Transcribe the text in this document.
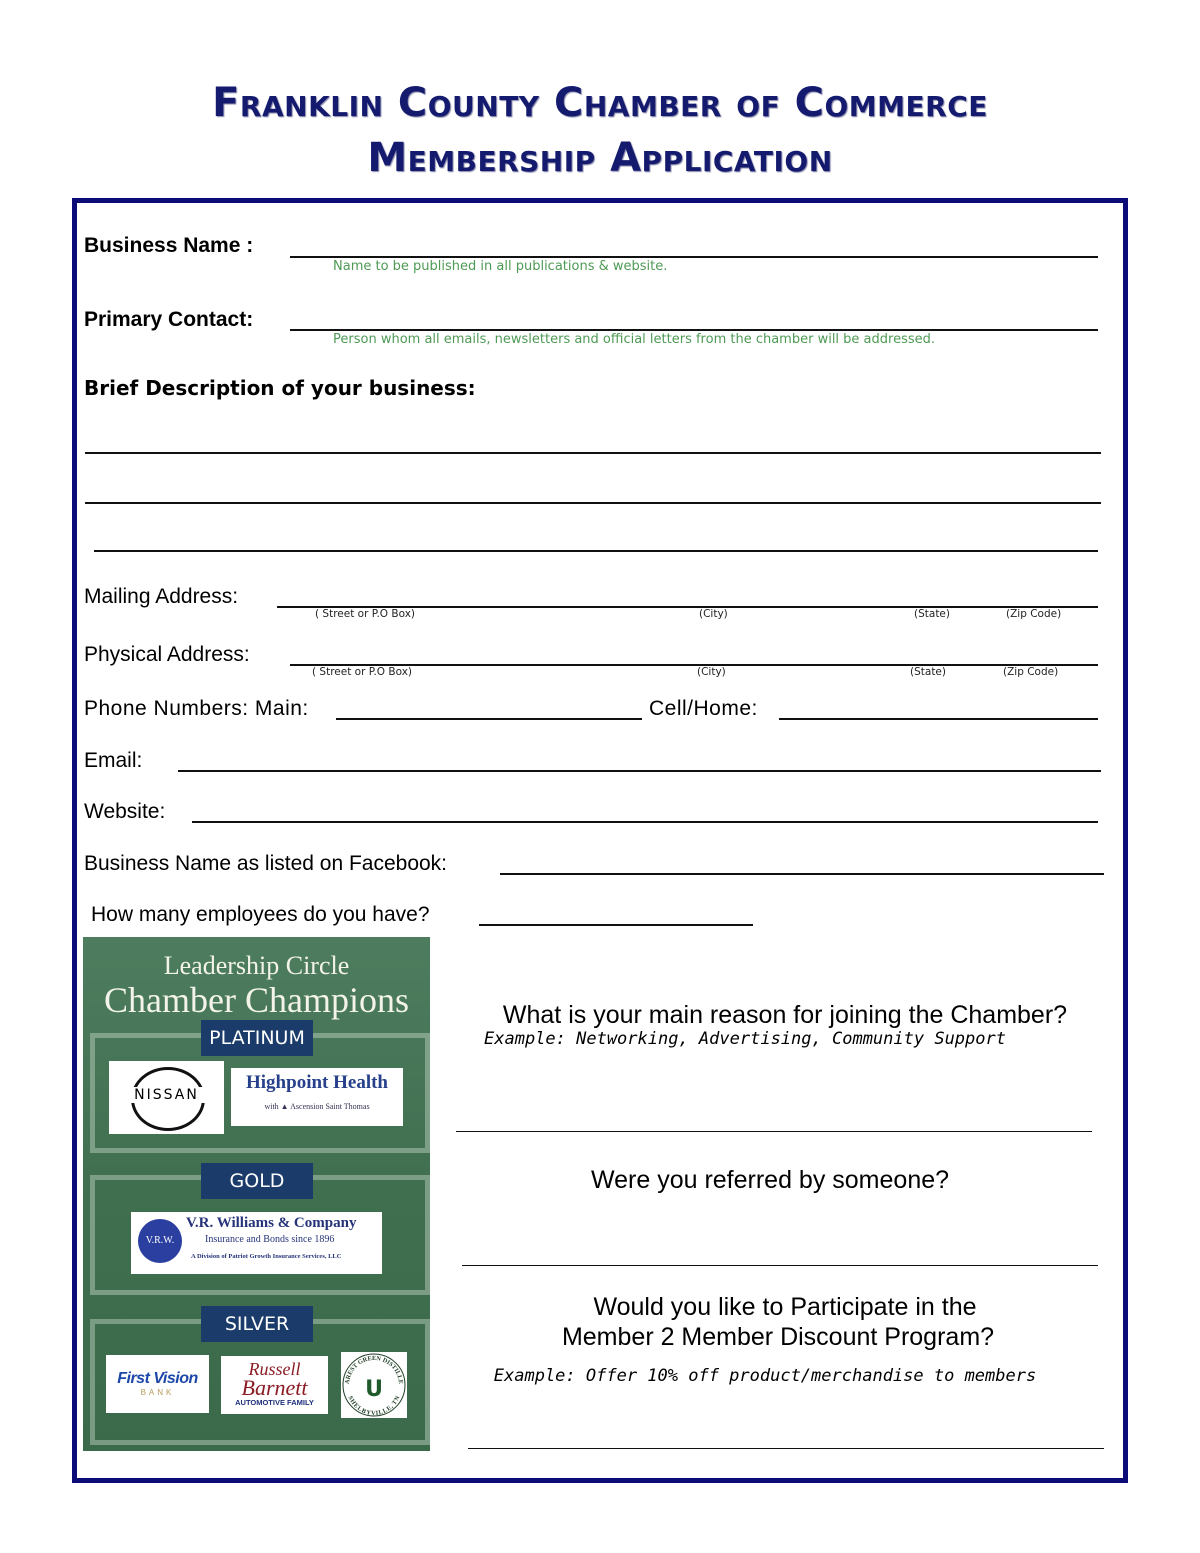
Franklin County Chamber of Commerce
Membership Application
Business Name :
Name to be published in all publications & website.
Primary Contact:
Person whom all emails, newsletters and official letters from the chamber will be addressed.
Brief Description of your business:
Mailing Address:
( Street or P.O Box)	(City)	(State)	(Zip Code)
Physical Address:
( Street or P.O Box)	(City)	(State)	(Zip Code)
Phone Numbers: Main:	Cell/Home:
Email:
Website:
Business Name as listed on Facebook:
How many employees do you have?
Leadership Circle
Chamber Champions
PLATINUM
NISSAN
Highpoint Health
with ▲ Ascension Saint Thomas
GOLD
V.R.W.
V.R. Williams & Company
Insurance and Bonds since 1896
A Division of Patriot Growth Insurance Services, LLC
SILVER
First Vision
BANK
Russell
Barnett
AUTOMOTIVE FAMILY
AREST GREEN DISTILLE
SHELBYVILLE, TN
U
What is your main reason for joining the Chamber?
Example: Networking, Advertising, Community Support
Were you referred by someone?
Would you like to Participate in the
Member 2 Member Discount Program?
Example: Offer 10% off product/merchandise to members
